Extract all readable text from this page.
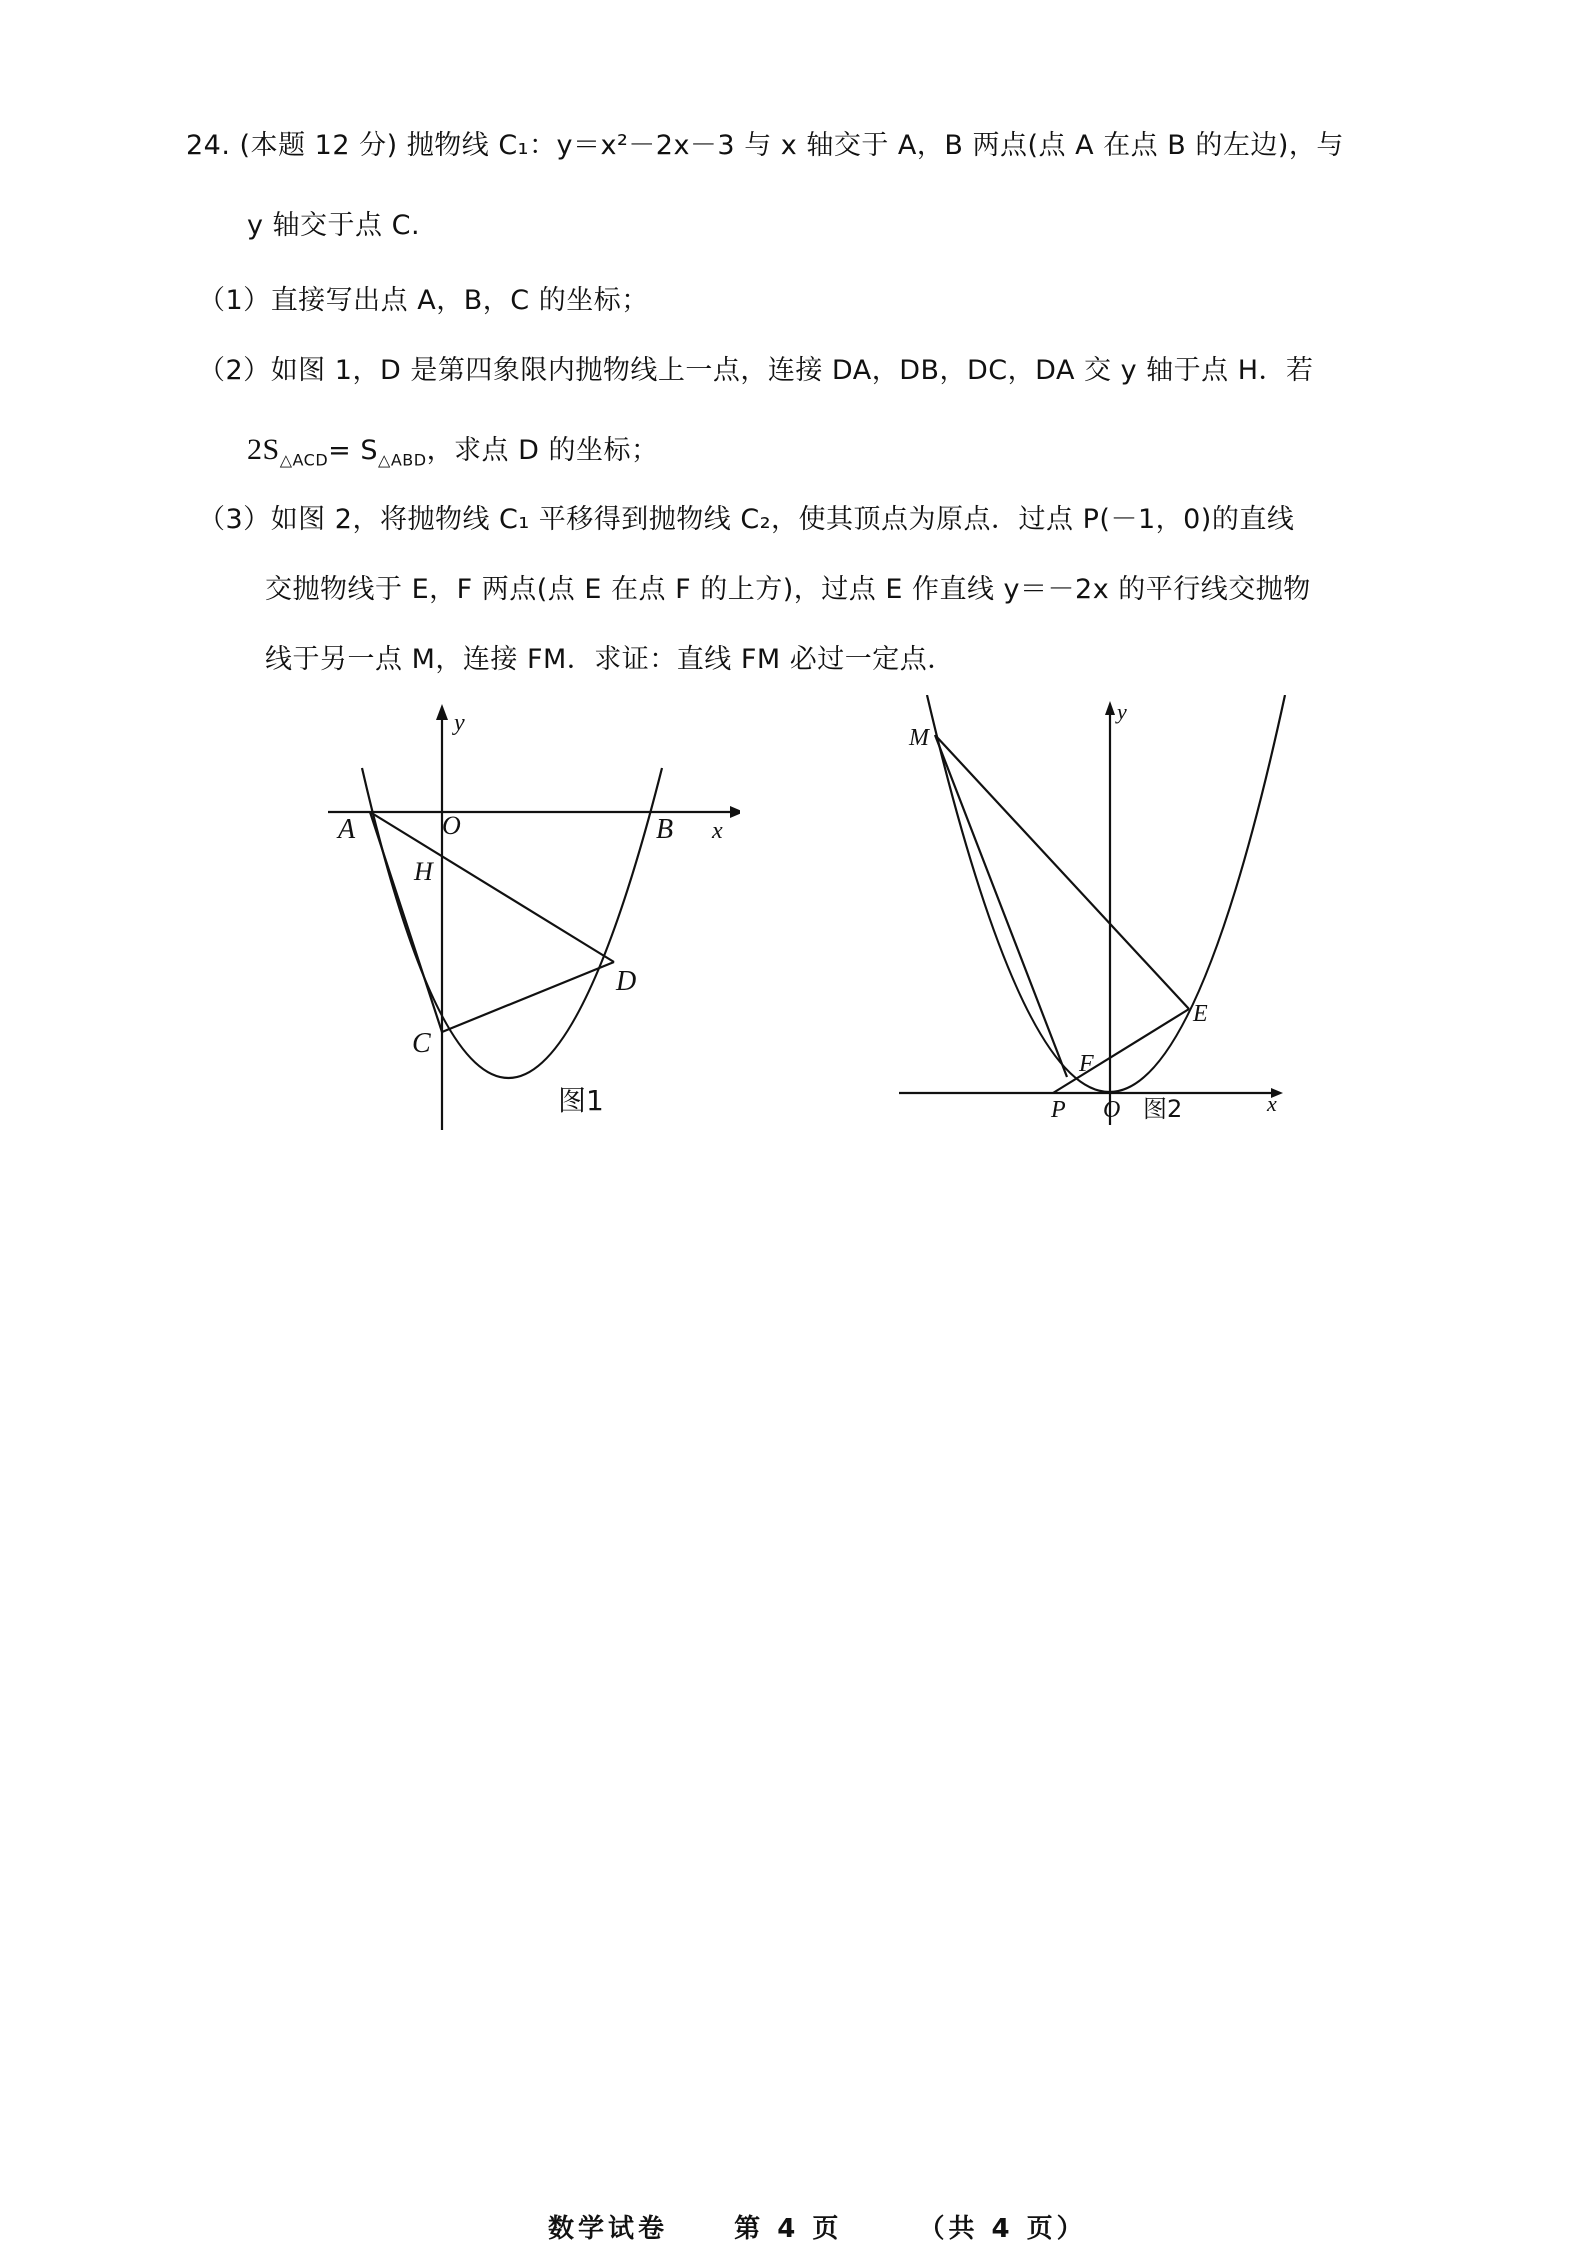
24. (本题 12 分) 抛物线 C₁：y＝x²－2x－3 与 x 轴交于 A，B 两点(点 A 在点 B 的左边)，与
y 轴交于点 C.
（1）直接写出点 A，B，C 的坐标；
（2）如图 1，D 是第四象限内抛物线上一点，连接 DA，DB，DC，DA 交 y 轴于点 H．若
$2S_{\triangle ACD}= S_{\triangle ABD}$，求点 D 的坐标；
（3）如图 2，将抛物线 C₁ 平移得到抛物线 C₂，使其顶点为原点．过点 P(－1，0)的直线
交抛物线于 E，F 两点(点 E 在点 F 的上方)，过点 E 作直线 y＝－2x 的平行线交抛物
线于另一点 M，连接 FM．求证：直线 FM 必过一定点．
y
x
A	O	B
H
D
C
图1
y
x
M
E
F
P O 图2
数学试卷	第 4 页	（共 4 页）
